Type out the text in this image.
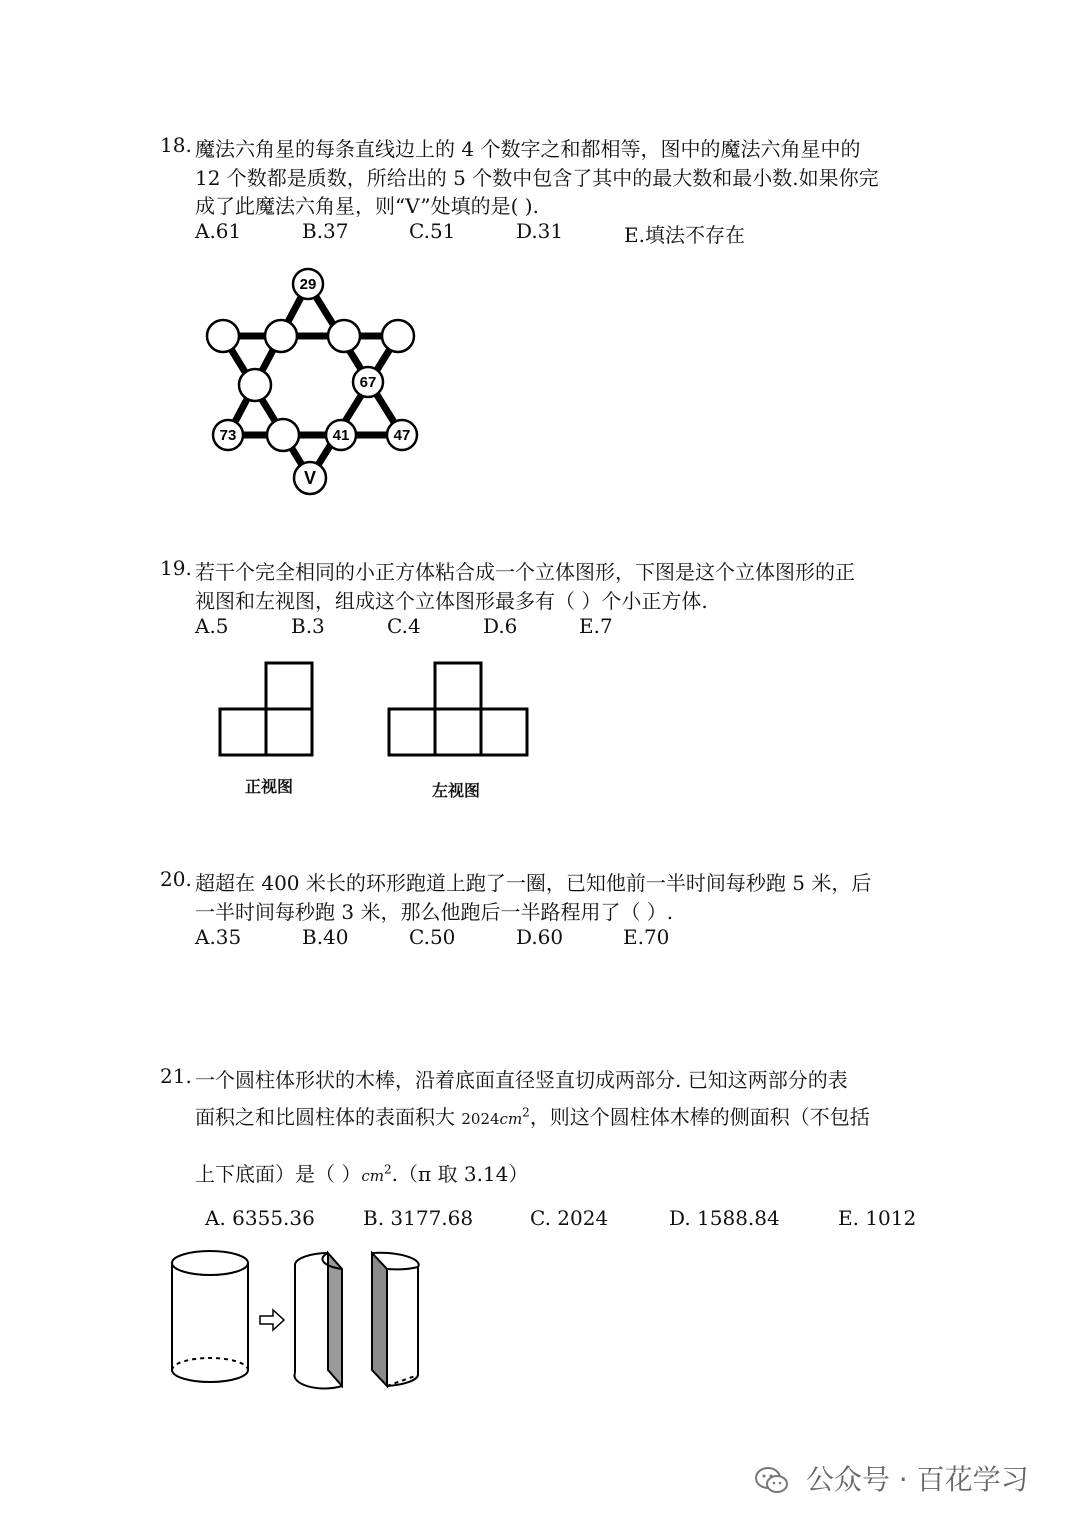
18. 魔法六角星的每条直线边上的 4 个数字之和都相等，图中的魔法六角星中的
12 个数都是质数，所给出的 5 个数中包含了其中的最大数和最小数.如果你完
成了此魔法六角星，则“V”处填的是( ).
A.61	B.37	C.51	D.31	E.填法不存在
29
67
73	41	47
V
19. 若干个完全相同的小正方体粘合成一个立体图形，下图是这个立体图形的正
视图和左视图，组成这个立体图形最多有（ ）个小正方体.
A.5	B.3	C.4	D.6	E.7
正视图	左视图
20. 超超在 400 米长的环形跑道上跑了一圈，已知他前一半时间每秒跑 5 米，后
一半时间每秒跑 3 米，那么他跑后一半路程用了（ ）.
A.35	B.40	C.50	D.60	E.70
21. 一个圆柱体形状的木棒，沿着底面直径竖直切成两部分. 已知这两部分的表
面积之和比圆柱体的表面积大 $2024cm^2$，则这个圆柱体木棒的侧面积（不包括
上下底面）是（ ）$cm^2.(\pi$ 取 3.14）
A. 6355.36 B. 3177.68	C. 2024	D. 1588.84	E. 1012
公众号 · 百花学习
